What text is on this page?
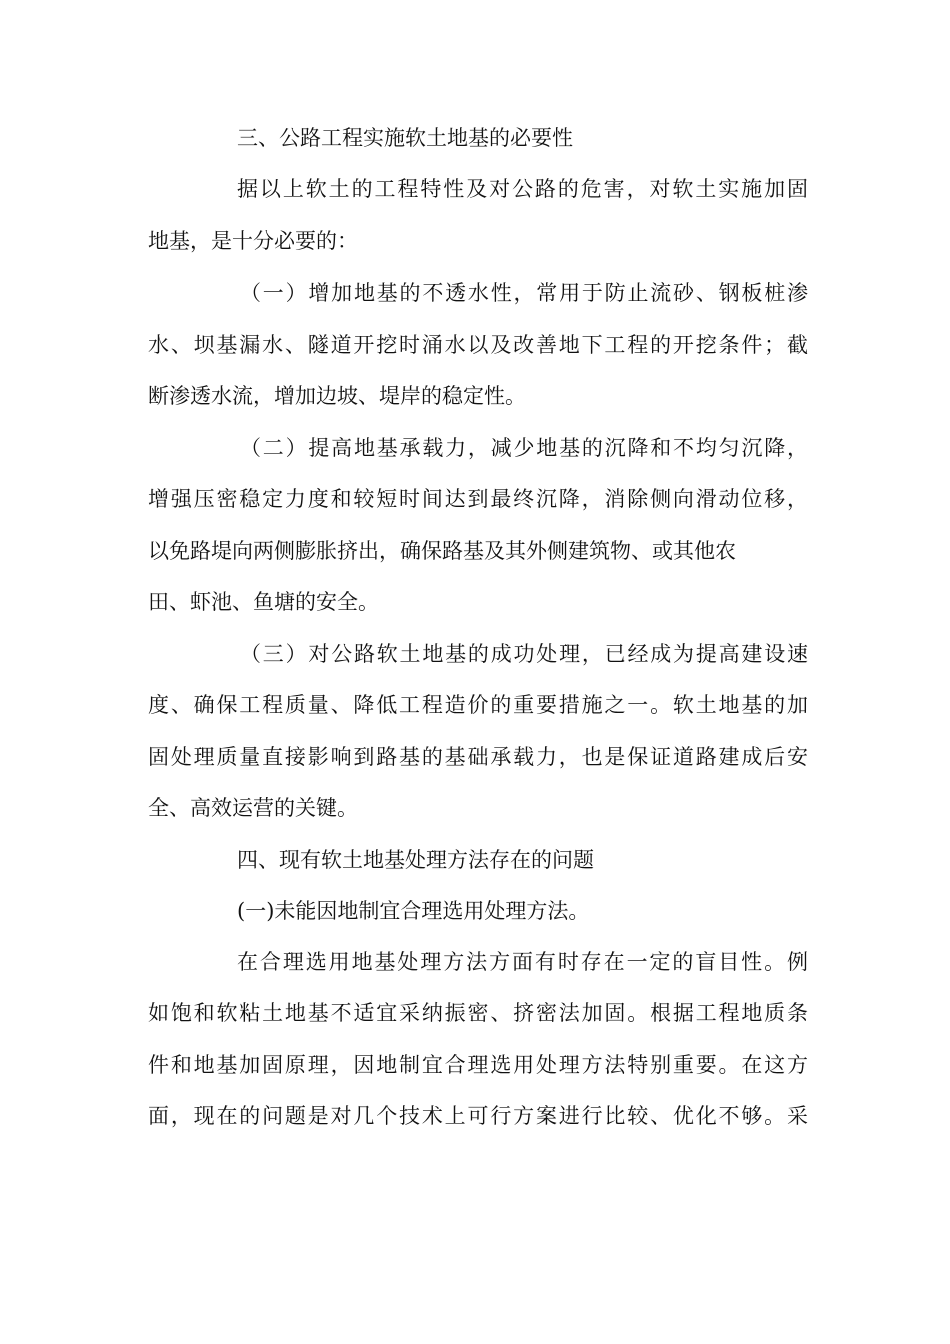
三、公路工程实施软土地基的必要性
据以上软土的工程特性及对公路的危害，对软土实施加固
地基，是十分必要的：
（一）增加地基的不透水性，常用于防止流砂、钢板桩渗
水、坝基漏水、隧道开挖时涌水以及改善地下工程的开挖条件；截
断渗透水流，增加边坡、堤岸的稳定性。
（二）提高地基承载力，减少地基的沉降和不均匀沉降，
增强压密稳定力度和较短时间达到最终沉降，消除侧向滑动位移，
以免路堤向两侧膨胀挤出，确保路基及其外侧建筑物、或其他农
田、虾池、鱼塘的安全。
（三）对公路软土地基的成功处理，已经成为提高建设速
度、确保工程质量、降低工程造价的重要措施之一。软土地基的加
固处理质量直接影响到路基的基础承载力，也是保证道路建成后安
全、高效运营的关键。
四、现有软土地基处理方法存在的问题
(一)未能因地制宜合理选用处理方法。
在合理选用地基处理方法方面有时存在一定的盲目性。例
如饱和软粘土地基不适宜采纳振密、挤密法加固。根据工程地质条
件和地基加固原理，因地制宜合理选用处理方法特别重要。在这方
面，现在的问题是对几个技术上可行方案进行比较、优化不够。采
